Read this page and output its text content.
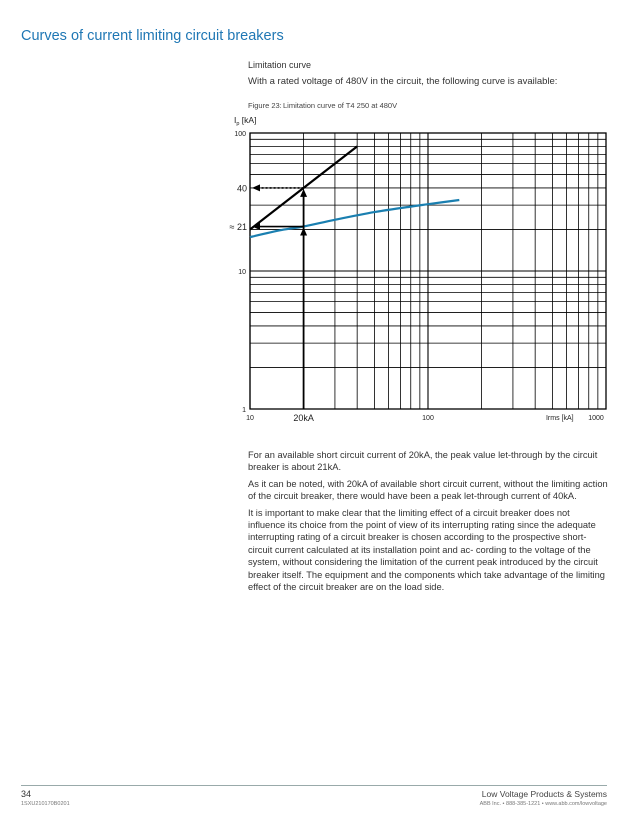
Curves of current limiting circuit breakers
Limitation curve
With a rated voltage of 480V in the circuit, the following curve is available:
Figure 23:Limitation curve of T4 250 at 480V
1
10
100
10	100	1000
Irms [kA]
$I_p$ [kA]
20kA
40
≈ 21

For an available short circuit current of 20kA, the peak value let-through by the circuit breaker is about 21kA.

As it can be noted, with 20kA of available short circuit current, without the limiting action of the circuit breaker, there would have been a peak let-through current of 40kA.

It is important to make clear that the limiting effect of a circuit breaker does not influence its choice from the point of view of its interrupting rating since the adequate interrupting rating of a circuit breaker is chosen according to the prospective short- circuit current calculated at its installation point and ac- cording to the voltage of the system, without considering the limitation of the current peak introduced by the circuit breaker itself. The equipment and the components which take advantage of the limiting effect of the circuit breaker are on the load side.

34	Low Voltage Products & Systems
1SXU210170B0201	ABB Inc. • 888-385-1221 • www.abb.com/lowvoltage
